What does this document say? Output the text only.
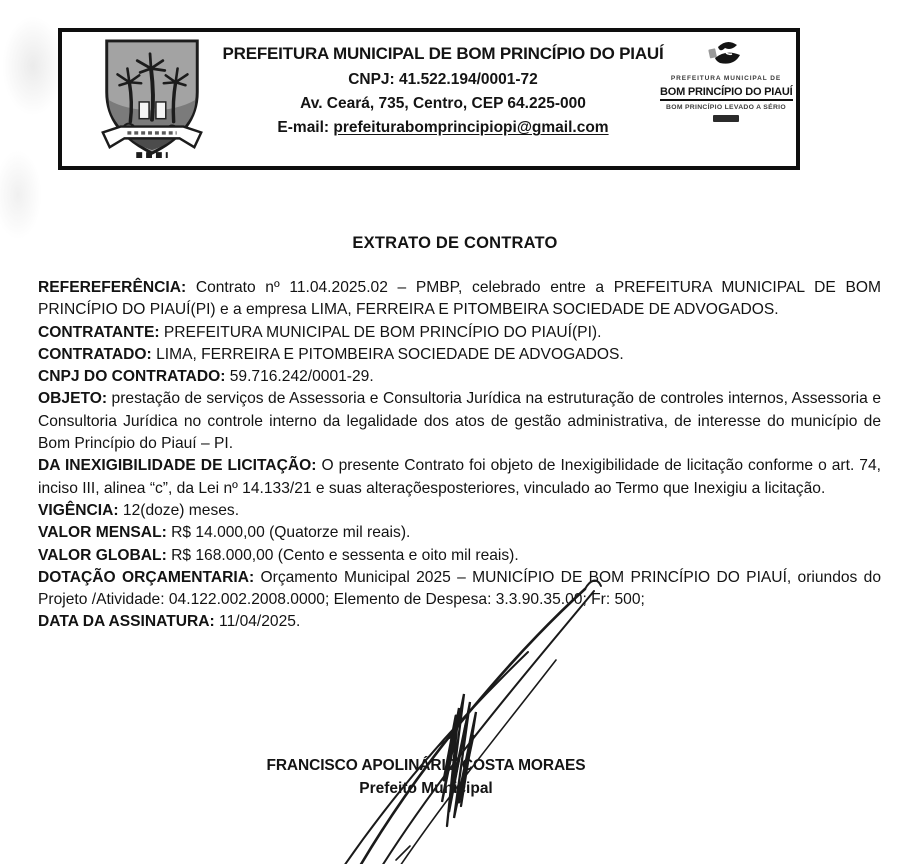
PREFEITURA MUNICIPAL DE BOM PRINCÍPIO DO PIAUÍ
CNPJ: 41.522.194/0001-72
Av. Ceará, 735, Centro, CEP 64.225-000
E-mail: prefeiturabomprincipiopi@gmail.com
PREFEITURA MUNICIPAL DE
BOM PRINCÍPIO DO PIAUÍ
BOM PRINCÍPIO LEVADO A SÉRIO
EXTRATO DE CONTRATO

REFEREFERÊNCIA: Contrato nº 11.04.2025.02 – PMBP, celebrado entre a PREFEITURA MUNICIPAL DE BOM PRINCÍPIO DO PIAUÍ(PI) e a empresa LIMA, FERREIRA E PITOMBEIRA SOCIEDADE DE ADVOGADOS.

CONTRATANTE: PREFEITURA MUNICIPAL DE BOM PRINCÍPIO DO PIAUÍ(PI).

CONTRATADO: LIMA, FERREIRA E PITOMBEIRA SOCIEDADE DE ADVOGADOS.

CNPJ DO CONTRATADO: 59.716.242/0001-29.

OBJETO: prestação de serviços de Assessoria e Consultoria Jurídica na estruturação de controles internos, Assessoria e Consultoria Jurídica no controle interno da legalidade dos atos de gestão administrativa, de interesse do município de Bom Princípio do Piauí – PI.

DA INEXIGIBILIDADE DE LICITAÇÃO: O presente Contrato foi objeto de Inexigibilidade de licitação conforme o art. 74, inciso III, alinea “c”, da Lei nº 14.133/21 e suas alteraçõesposteriores, vinculado ao Termo que Inexigiu a licitação.

VIGÊNCIA: 12(doze) meses.

VALOR MENSAL: R$ 14.000,00 (Quatorze mil reais).

VALOR GLOBAL: R$ 168.000,00 (Cento e sessenta e oito mil reais).

DOTAÇÃO ORÇAMENTARIA: Orçamento Municipal 2025 – MUNICÍPIO DE BOM PRINCÍPIO DO PIAUÍ, oriundos do Projeto /Atividade: 04.122.002.2008.0000; Elemento de Despesa: 3.3.90.35.00; Fr: 500;

DATA DA ASSINATURA: 11/04/2025.

FRANCISCO APOLINÁRIO COSTA MORAES
Prefeito Municipal
